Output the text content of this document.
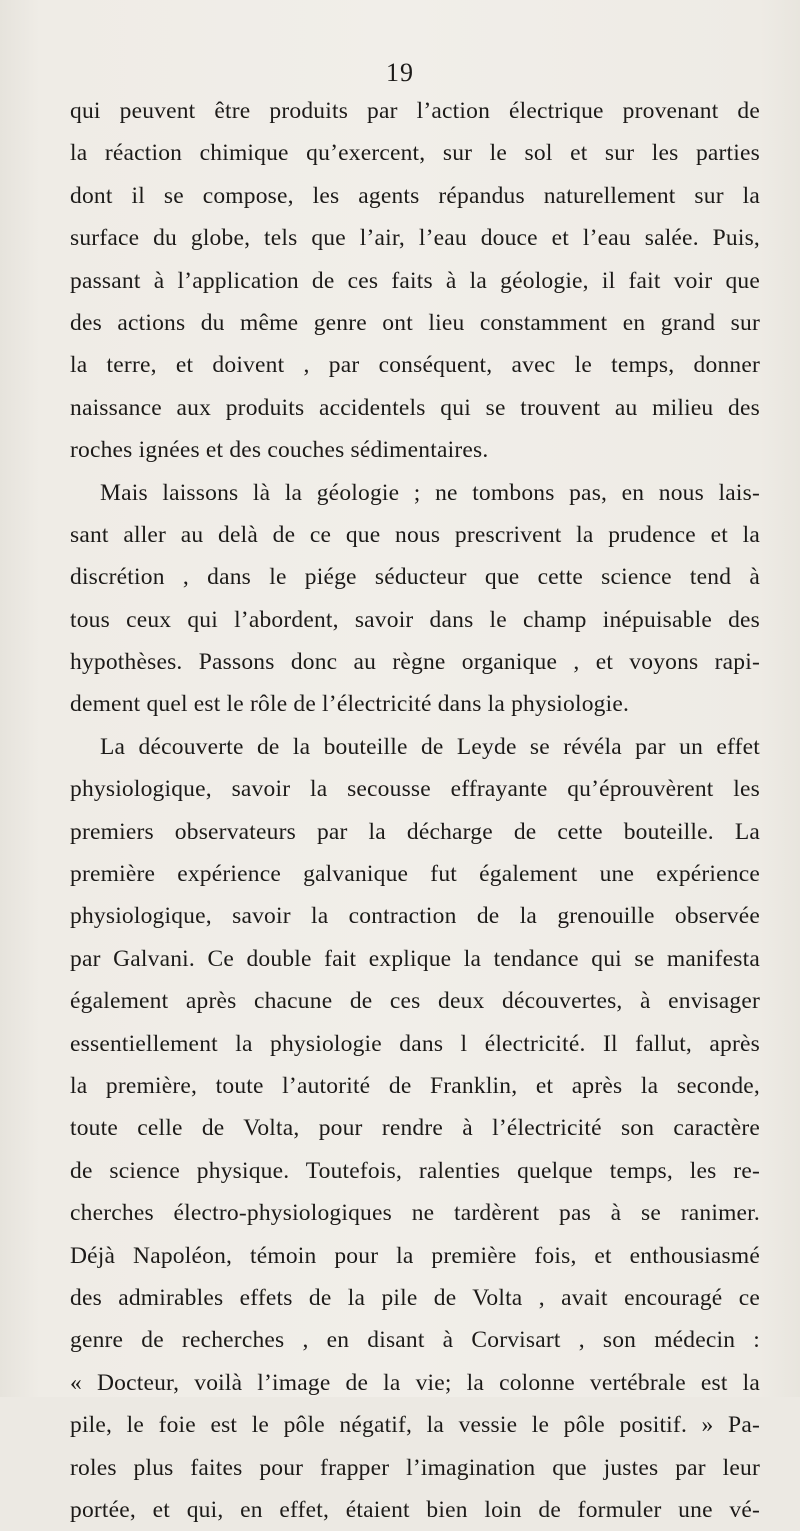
19
qui peuvent être produits par l’action électrique provenant de
la réaction chimique qu’exercent, sur le sol et sur les parties
dont il se compose, les agents répandus naturellement sur la
surface du globe, tels que l’air, l’eau douce et l’eau salée. Puis,
passant à l’application de ces faits à la géologie, il fait voir que
des actions du même genre ont lieu constamment en grand sur
la terre, et doivent , par conséquent, avec le temps, donner
naissance aux produits accidentels qui se trouvent au milieu des
roches ignées et des couches sédimentaires.
Mais laissons là la géologie ; ne tombons pas, en nous lais-
sant aller au delà de ce que nous prescrivent la prudence et la
discrétion , dans le piége séducteur que cette science tend à
tous ceux qui l’abordent, savoir dans le champ inépuisable des
hypothèses. Passons donc au règne organique , et voyons rapi-
dement quel est le rôle de l’électricité dans la physiologie.
La découverte de la bouteille de Leyde se révéla par un effet
physiologique, savoir la secousse effrayante qu’éprouvèrent les
premiers observateurs par la décharge de cette bouteille. La
première expérience galvanique fut également une expérience
physiologique, savoir la contraction de la grenouille observée
par Galvani. Ce double fait explique la tendance qui se manifesta
également après chacune de ces deux découvertes, à envisager
essentiellement la physiologie dans l électricité. Il fallut, après
la première, toute l’autorité de Franklin, et après la seconde,
toute celle de Volta, pour rendre à l’électricité son caractère
de science physique. Toutefois, ralenties quelque temps, les re-
cherches électro-physiologiques ne tardèrent pas à se ranimer.
Déjà Napoléon, témoin pour la première fois, et enthousiasmé
des admirables effets de la pile de Volta , avait encouragé ce
genre de recherches , en disant à Corvisart , son médecin :
« Docteur, voilà l’image de la vie; la colonne vertébrale est la
pile, le foie est le pôle négatif, la vessie le pôle positif. » Pa-
roles plus faites pour frapper l’imagination que justes par leur
portée, et qui, en effet, étaient bien loin de formuler une vé-
